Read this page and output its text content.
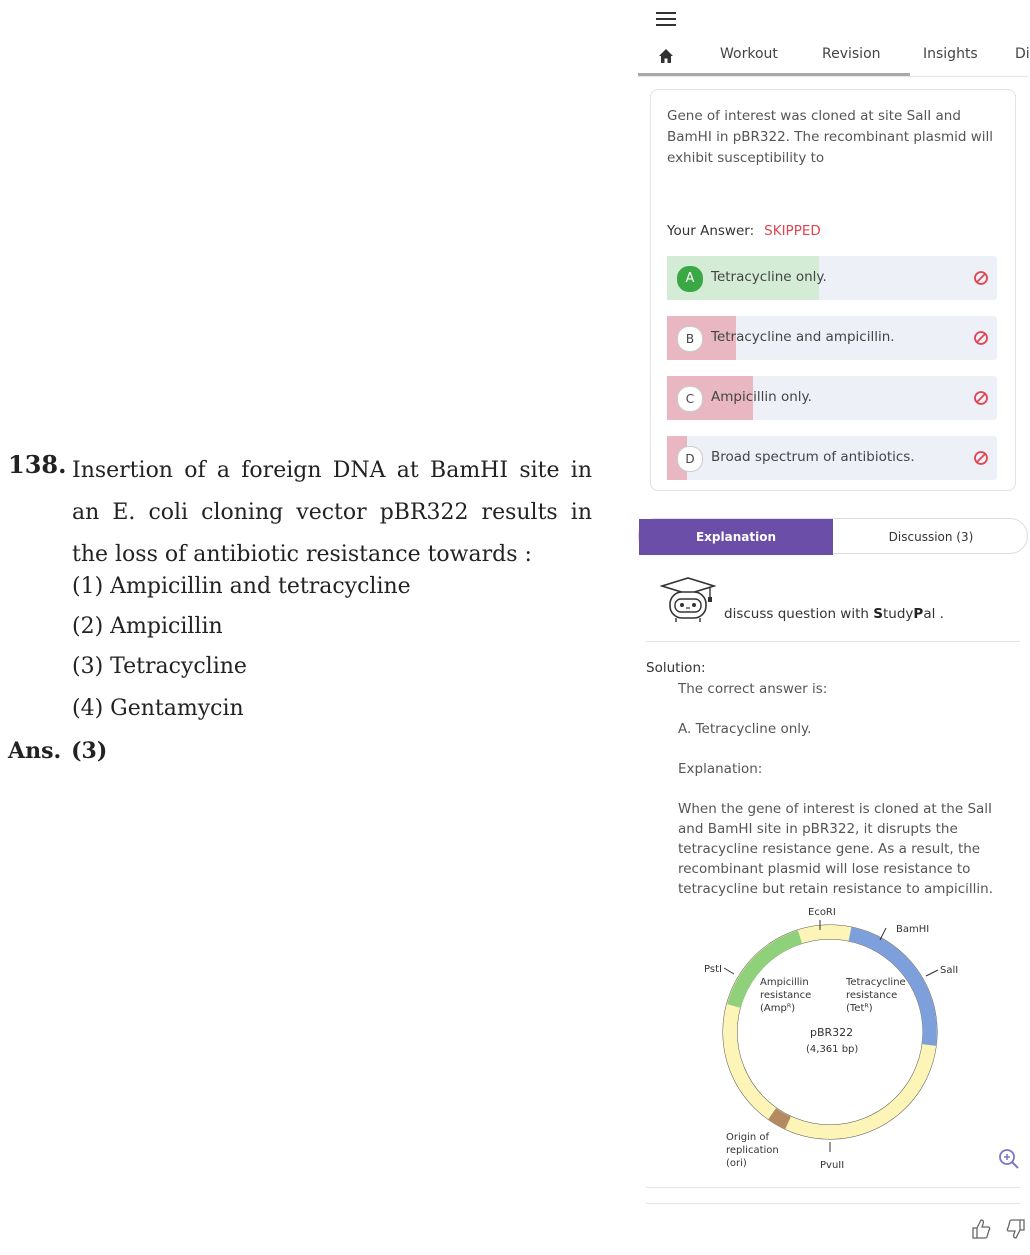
138. Insertion of a foreign DNA at BamHI site in an E. coli cloning vector pBR322 results in the loss of antibiotic resistance towards :
(1) Ampicillin and tetracycline
(2) Ampicillin
(3) Tetracycline
(4) Gentamycin
Ans. (3)
Workout	Revision	Insights	Di
Gene of interest was cloned at site SalI and BamHI in pBR322. The recombinant plasmid will exhibit susceptibility to
Your Answer: SKIPPED
A	Tetracycline only.
B	Tetracycline and ampicillin.
C	Ampicillin only.
D	Broad spectrum of antibiotics.
Explanation	Discussion (3)
discuss question with StudyPal .
Solution:
The correct answer is:
A. Tetracycline only.
Explanation:
When the gene of interest is cloned at the SalI and BamHI site in pBR322, it disrupts the tetracycline resistance gene. As a result, the recombinant plasmid will lose resistance to tetracycline but retain resistance to ampicillin.
EcoRI
BamHI
SalI
PstI
PvuII
Ampicillin
resistance
(Ampᴿ)
Tetracycline
resistance
(Tetᴿ)
pBR322
(4,361 bp)
Origin of
replication
(ori)
